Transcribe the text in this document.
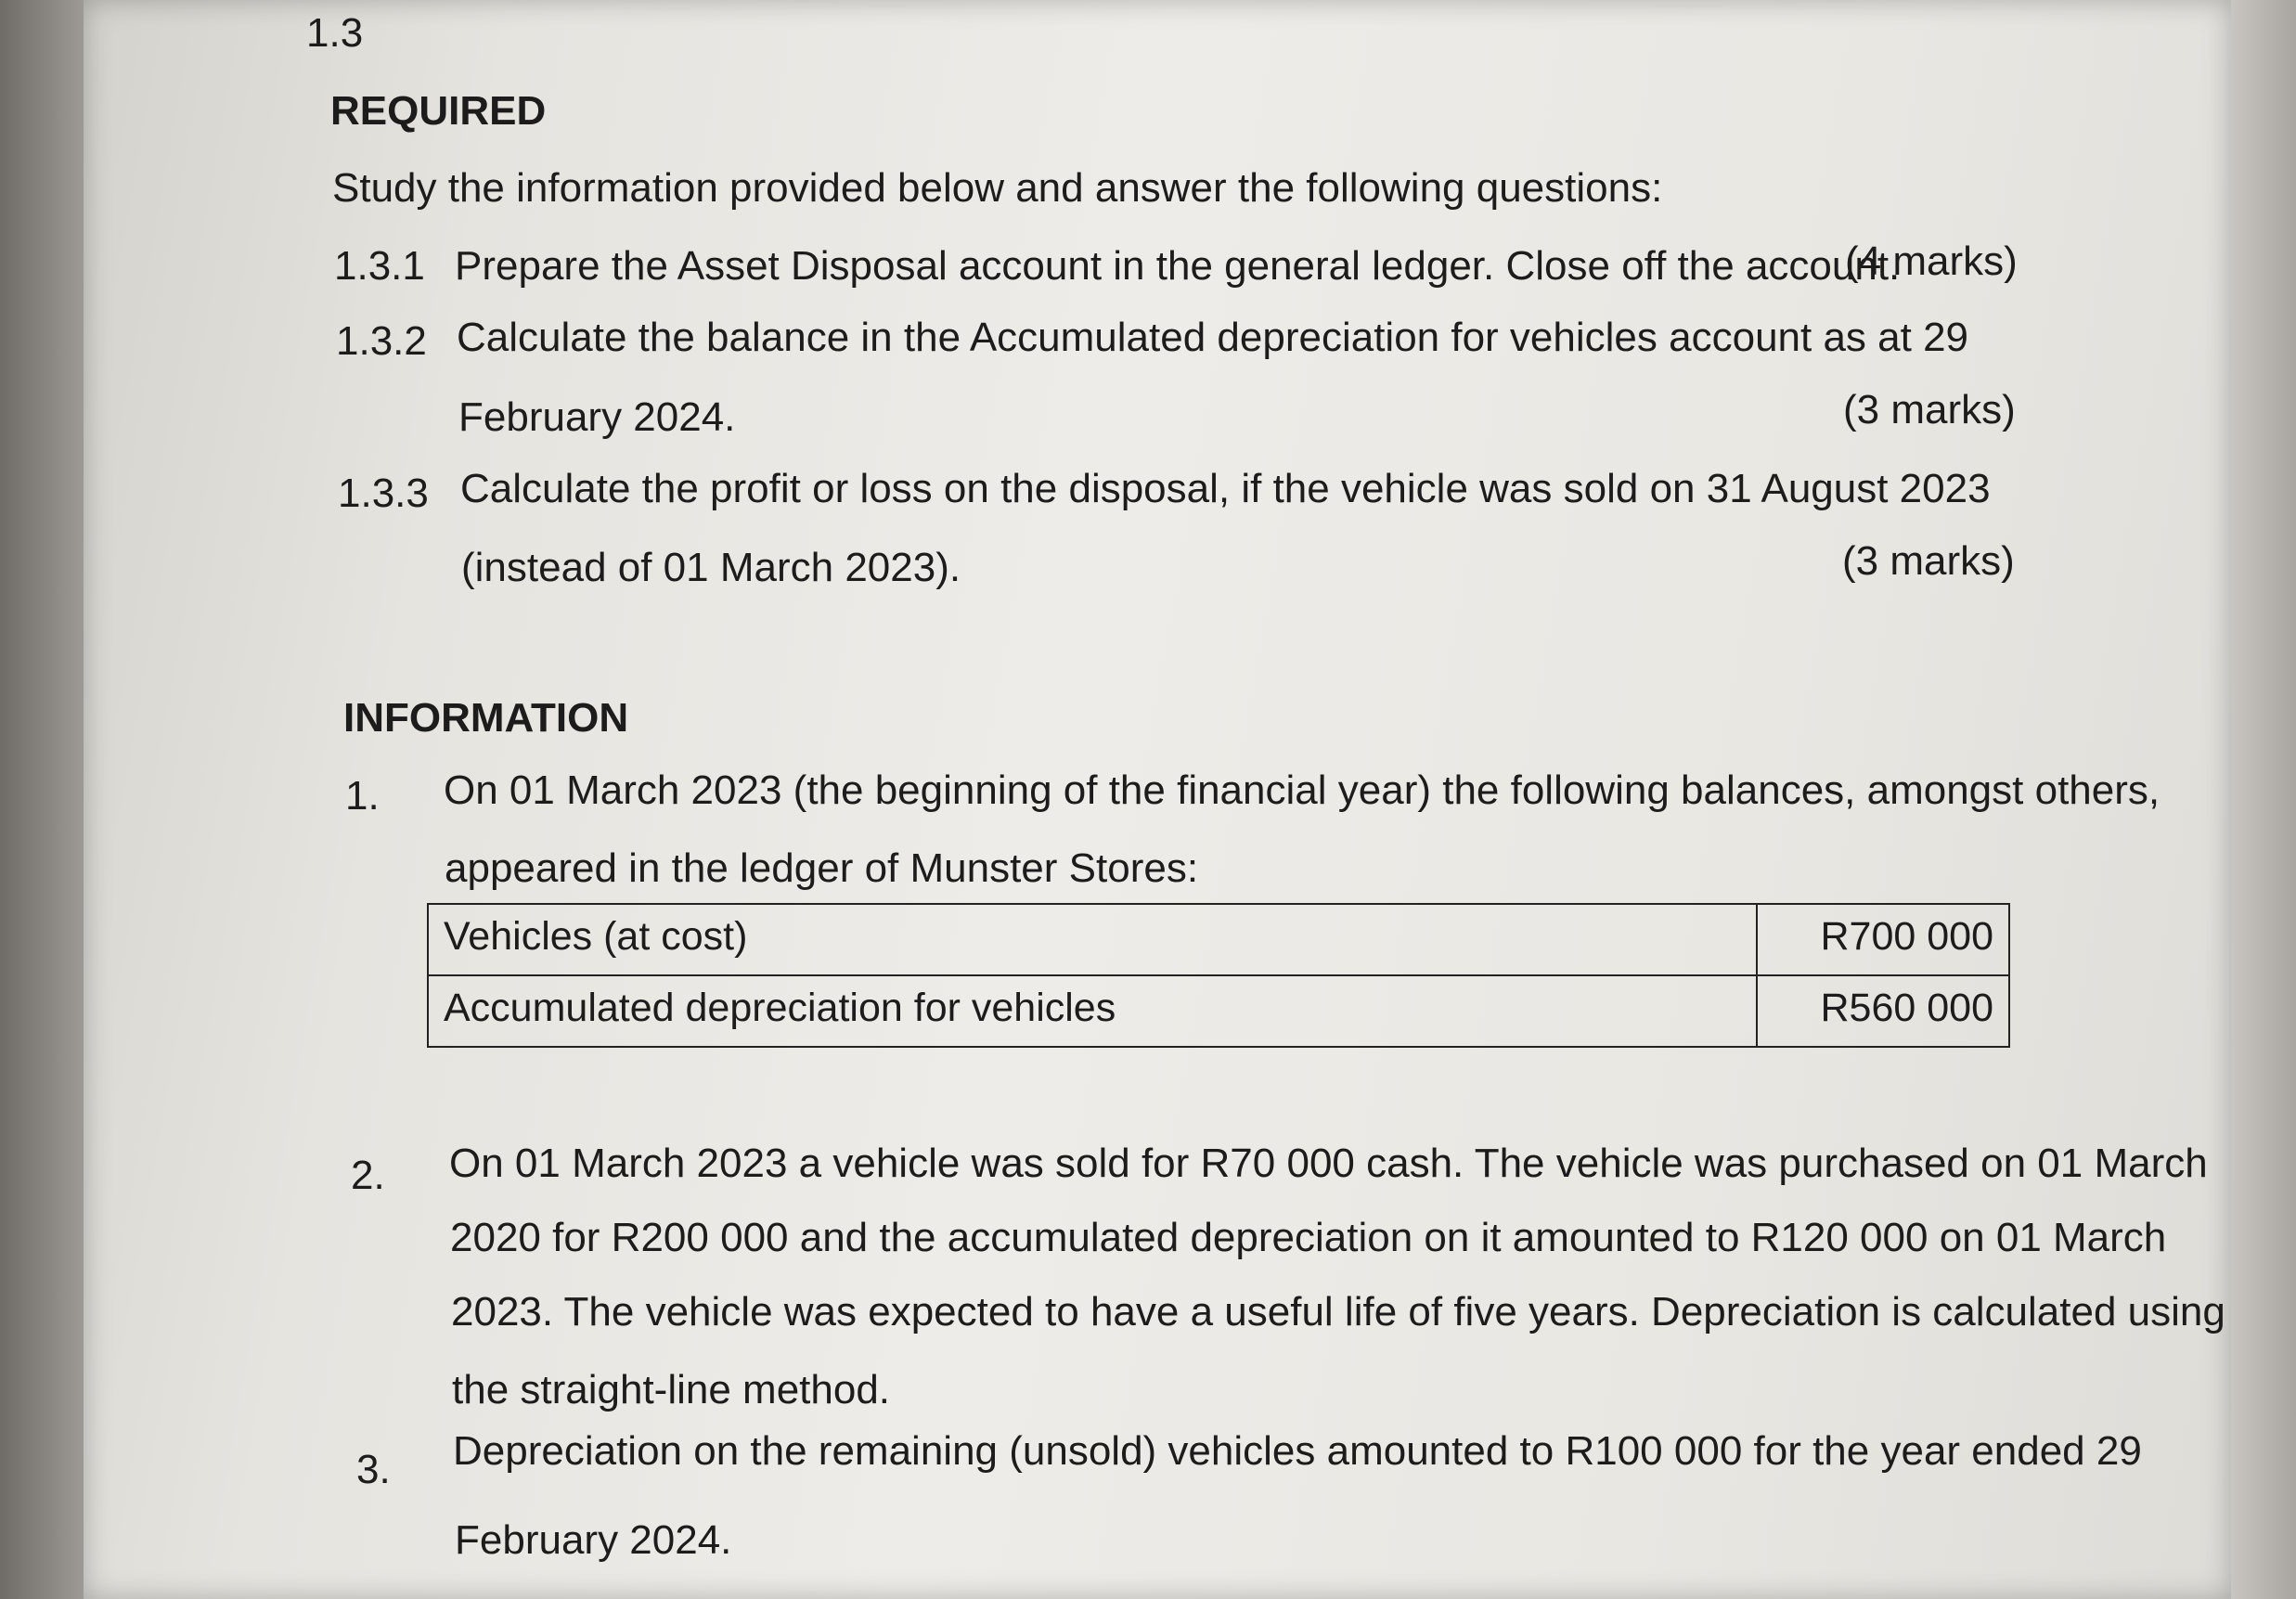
1.3
REQUIRED
Study the information provided below and answer the following questions:
1.3.1 Prepare the Asset Disposal account in the general ledger. Close off the account.
(4 marks)
1.3.2 Calculate the balance in the Accumulated depreciation for vehicles account as at 29
February 2024.	(3 marks)
1.3.3 Calculate the profit or loss on the disposal, if the vehicle was sold on 31 August 2023
(instead of 01 March 2023).	(3 marks)
INFORMATION
1. On 01 March 2023 (the beginning of the financial year) the following balances, amongst others,
appeared in the ledger of Munster Stores:
Vehicles (at cost)	R700 000
Accumulated depreciation for vehicles	R560 000
2. On 01 March 2023 a vehicle was sold for R70 000 cash. The vehicle was purchased on 01 March
2020 for R200 000 and the accumulated depreciation on it amounted to R120 000 on 01 March
2023. The vehicle was expected to have a useful life of five years. Depreciation is calculated using
the straight-line method.
3. Depreciation on the remaining (unsold) vehicles amounted to R100 000 for the year ended 29
February 2024.
